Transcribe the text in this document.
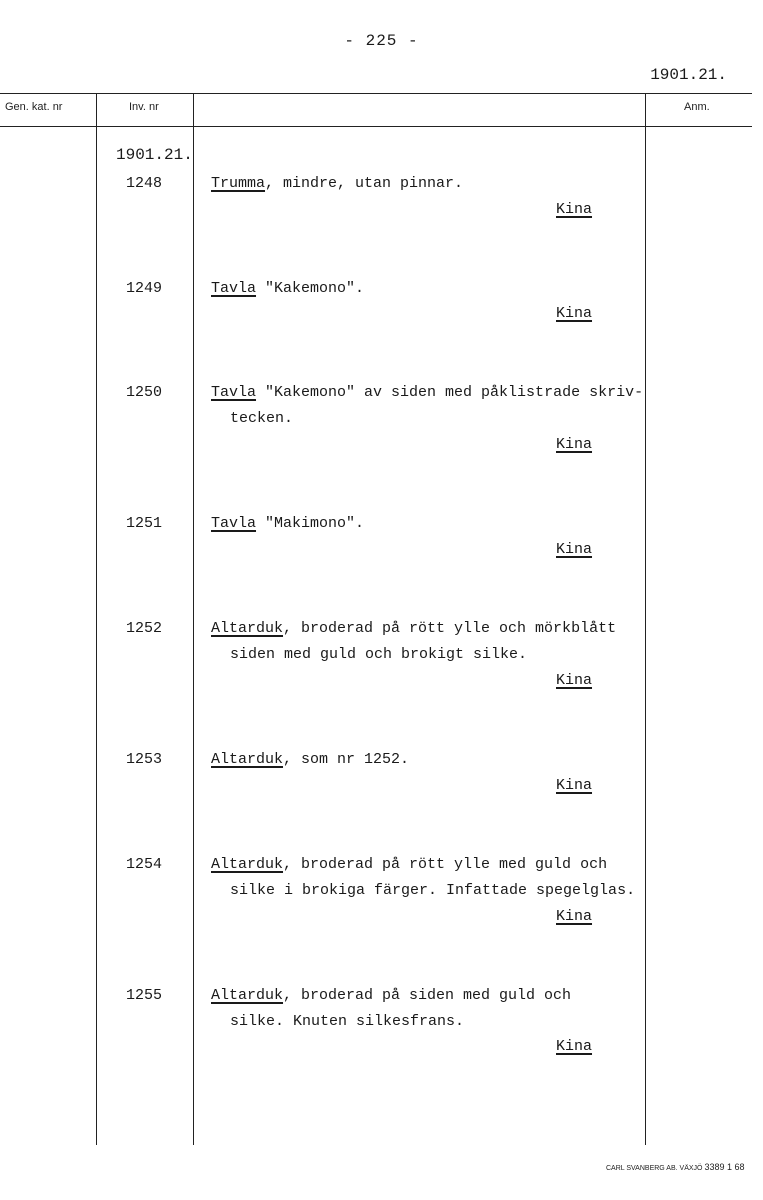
- 225 -
1901.21.
Gen. kat. nr	Inv. nr	Anm.
1901.21.
1248	Trumma, mindre, utan pinnar.
Kina
1249	Tavla "Kakemono".
Kina
1250	Tavla "Kakemono" av siden med påklistrade skriv-
tecken.
Kina
1251	Tavla "Makimono".
Kina
1252	Altarduk, broderad på rött ylle och mörkblått
siden med guld och brokigt silke.
Kina
1253	Altarduk, som nr 1252.
Kina
1254	Altarduk, broderad på rött ylle med guld och
silke i brokiga färger. Infattade spegelglas.
Kina
1255	Altarduk, broderad på siden med guld och
silke. Knuten silkesfrans.
Kina
CARL SVANBERG AB. VÄXJÖ 3389 1 68
